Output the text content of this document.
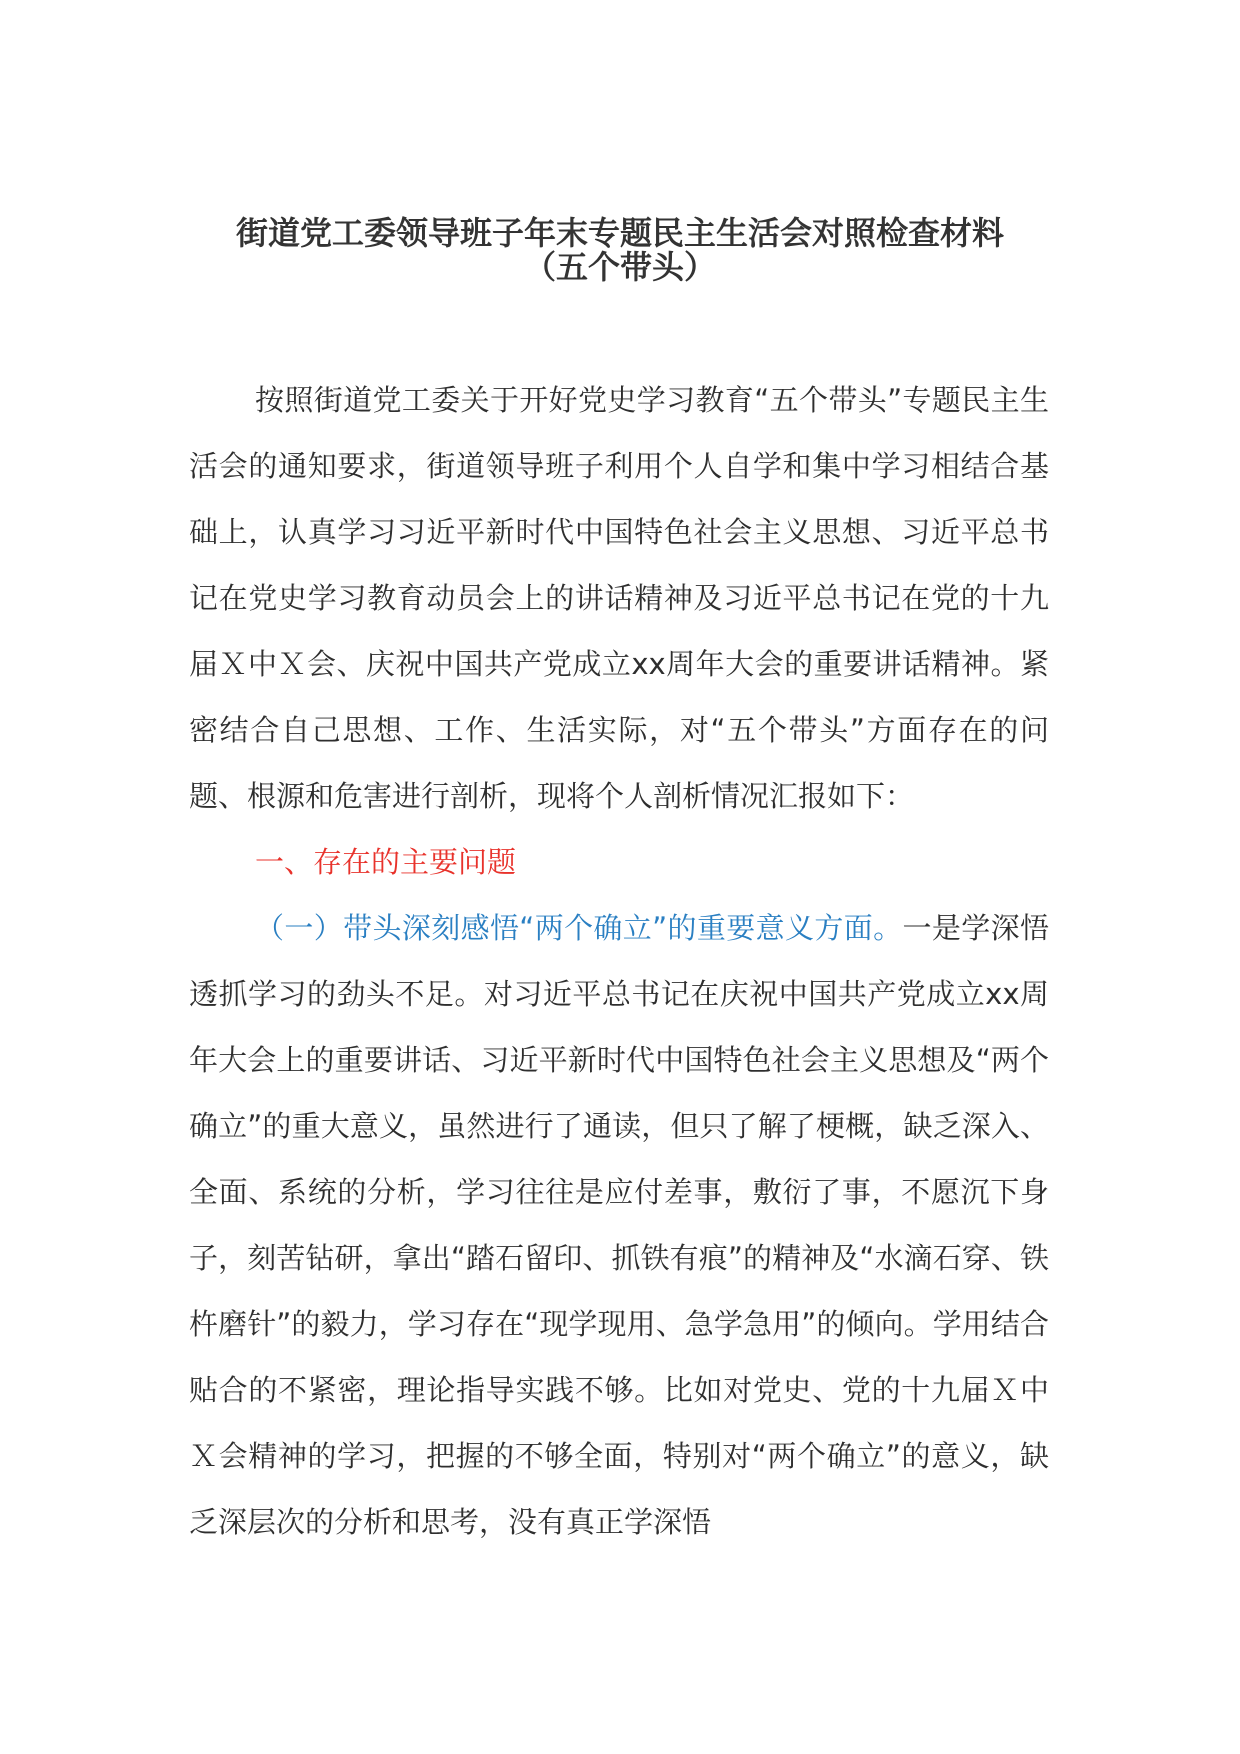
街道党工委领导班子年末专题民主生活会对照检查材料
（五个带头）

按照街道党工委关于开好党史学习教育“五个带头”专题民主生活会的通知要求，街道领导班子利用个人自学和集中学习相结合基础上，认真学习习近平新时代中国特色社会主义思想、习近平总书记在党史学习教育动员会上的讲话精神及习近平总书记在党的十九届Ｘ中Ｘ会、庆祝中国共产党成立xx周年大会的重要讲话精神。紧密结合自己思想、工作、生活实际，对“五个带头”方面存在的问题、根源和危害进行剖析，现将个人剖析情况汇报如下：

一、存在的主要问题

（一）带头深刻感悟“两个确立”的重要意义方面。一是学深悟透抓学习的劲头不足。对习近平总书记在庆祝中国共产党成立xx周年大会上的重要讲话、习近平新时代中国特色社会主义思想及“两个确立”的重大意义，虽然进行了通读，但只了解了梗概，缺乏深入、全面、系统的分析，学习往往是应付差事，敷衍了事，不愿沉下身子，刻苦钻研，拿出“踏石留印、抓铁有痕”的精神及“水滴石穿、铁杵磨针”的毅力，学习存在“现学现用、急学急用”的倾向。学用结合贴合的不紧密，理论指导实践不够。比如对党史、党的十九届Ｘ中Ｘ会精神的学习，把握的不够全面，特别对“两个确立”的意义，缺乏深层次的分析和思考，没有真正学深悟
